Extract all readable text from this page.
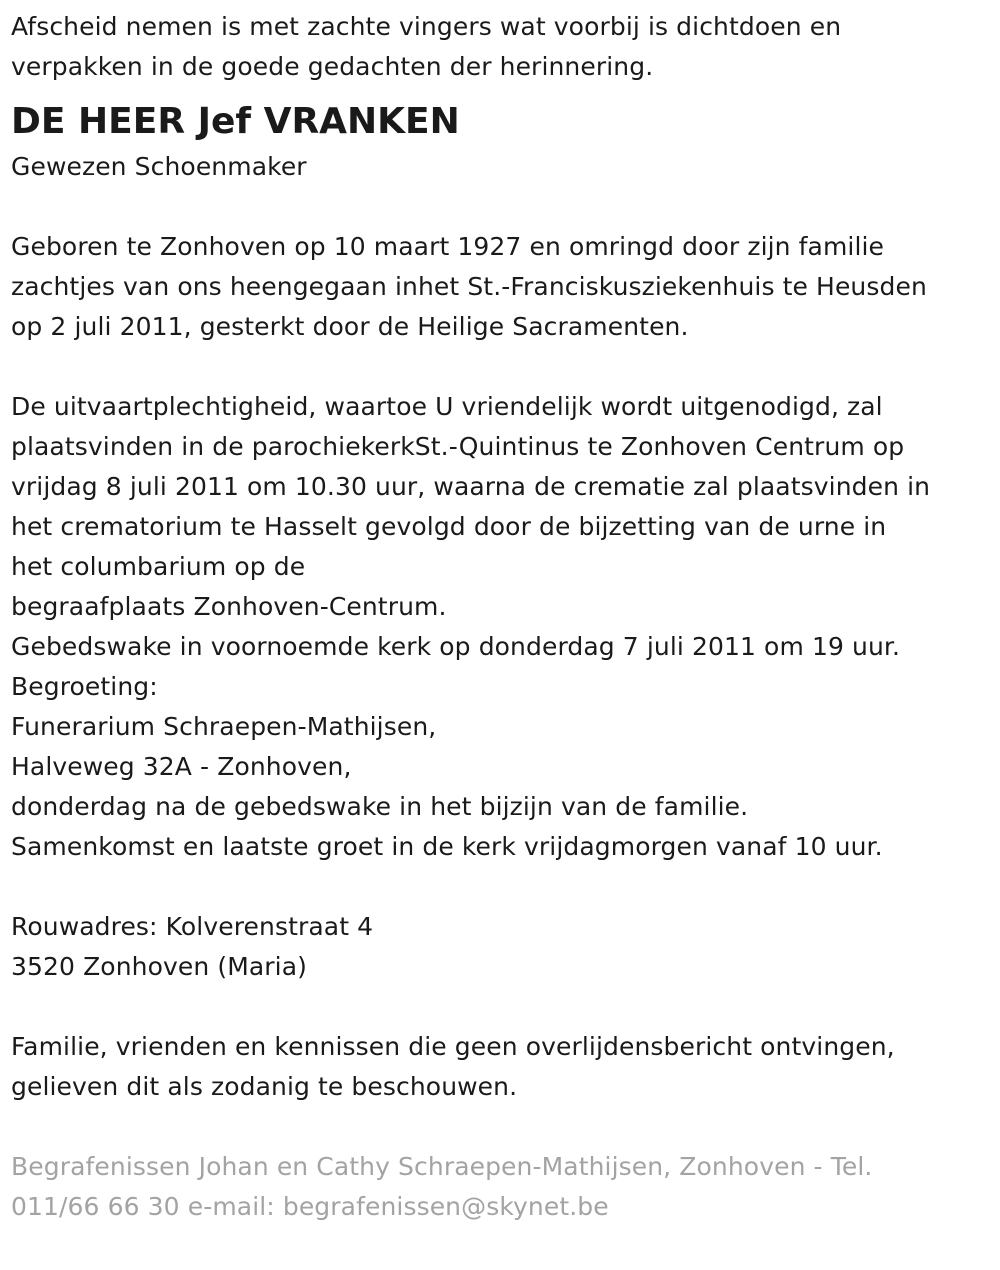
Afscheid nemen is met zachte vingers wat voorbij is dichtdoen en
verpakken in de goede gedachten der herinnering.
DE HEER Jef VRANKEN
Gewezen Schoenmaker
Geboren te Zonhoven op 10 maart 1927 en omringd door zijn familie
zachtjes van ons heengegaan inhet St.-Franciskusziekenhuis te Heusden
op 2 juli 2011, gesterkt door de Heilige Sacramenten.
De uitvaartplechtigheid, waartoe U vriendelijk wordt uitgenodigd, zal
plaatsvinden in de parochiekerkSt.-Quintinus te Zonhoven Centrum op
vrijdag 8 juli 2011 om 10.30 uur, waarna de crematie zal plaatsvinden in
het crematorium te Hasselt gevolgd door de bijzetting van de urne in
het columbarium op de
begraafplaats Zonhoven-Centrum.
Gebedswake in voornoemde kerk op donderdag 7 juli 2011 om 19 uur.
Begroeting:
Funerarium Schraepen-Mathijsen,
Halveweg 32A - Zonhoven,
donderdag na de gebedswake in het bijzijn van de familie.
Samenkomst en laatste groet in de kerk vrijdagmorgen vanaf 10 uur.
Rouwadres: Kolverenstraat 4
3520 Zonhoven (Maria)
Familie, vrienden en kennissen die geen overlijdensbericht ontvingen,
gelieven dit als zodanig te beschouwen.
Begrafenissen Johan en Cathy Schraepen-Mathijsen, Zonhoven - Tel.
011/66 66 30 e-mail: begrafenissen@skynet.be
